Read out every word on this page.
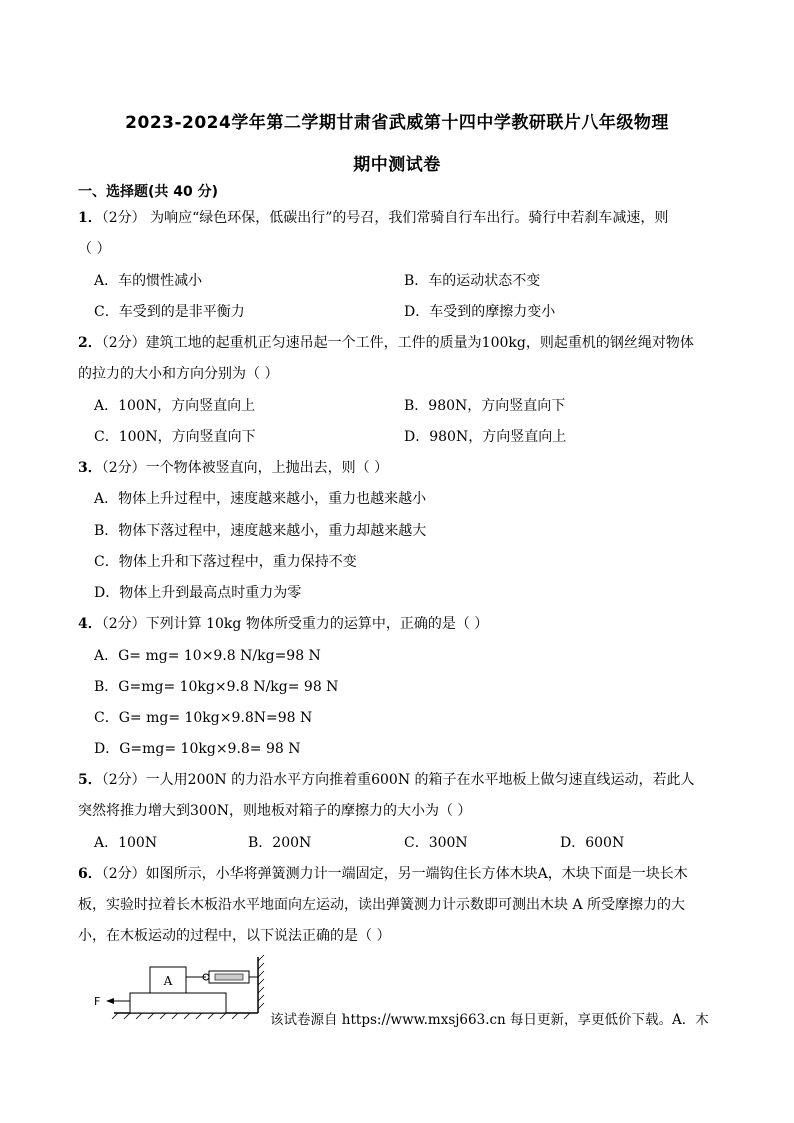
2023-2024学年第二学期甘肃省武威第十四中学教研联片八年级物理
期中测试卷
一、选择题(共 40 分)
1．（2分） 为响应“绿色环保，低碳出行”的号召，我们常骑自行车出行。骑行中若刹车减速，则
（ ）
A．车的惯性减小	B．车的运动状态不变
C．车受到的是非平衡力	D．车受到的摩擦力变小
2．（2分）建筑工地的起重机正匀速吊起一个工件，工件的质量为100kg，则起重机的钢丝绳对物体
的拉力的大小和方向分别为（ ）
A．100N，方向竖直向上	B．980N，方向竖直向下
C．100N，方向竖直向下	D．980N，方向竖直向上
3．（2分）一个物体被竖直向，上抛出去，则（ ）
A．物体上升过程中，速度越来越小，重力也越来越小
B．物体下落过程中，速度越来越小，重力却越来越大
C．物体上升和下落过程中，重力保持不变
D．物体上升到最高点时重力为零
4．（2分）下列计算 10kg 物体所受重力的运算中，正确的是（ ）
A．G= mg= 10×9.8 N/kg=98 N
B．G=mg= 10kg×9.8 N/kg= 98 N
C．G= mg= 10kg×9.8N=98 N
D．G=mg= 10kg×9.8= 98 N
5．（2分）一人用200N 的力沿水平方向推着重600N 的箱子在水平地板上做匀速直线运动，若此人
突然将推力增大到300N，则地板对箱子的摩擦力的大小为（ ）
A．100N	B．200N	C．300N	D．600N
6．（2分）如图所示，小华将弹簧测力计一端固定，另一端钩住长方体木块A，木块下面是一块长木
板，实验时拉着长木板沿水平地面向左运动，读出弹簧测力计示数即可测出木块 A 所受摩擦力的大
小，在木板运动的过程中，以下说法正确的是（ ）
A
F
该试卷源自 https://www.mxsj663.cn 每日更新，享更低价下载。A．木
